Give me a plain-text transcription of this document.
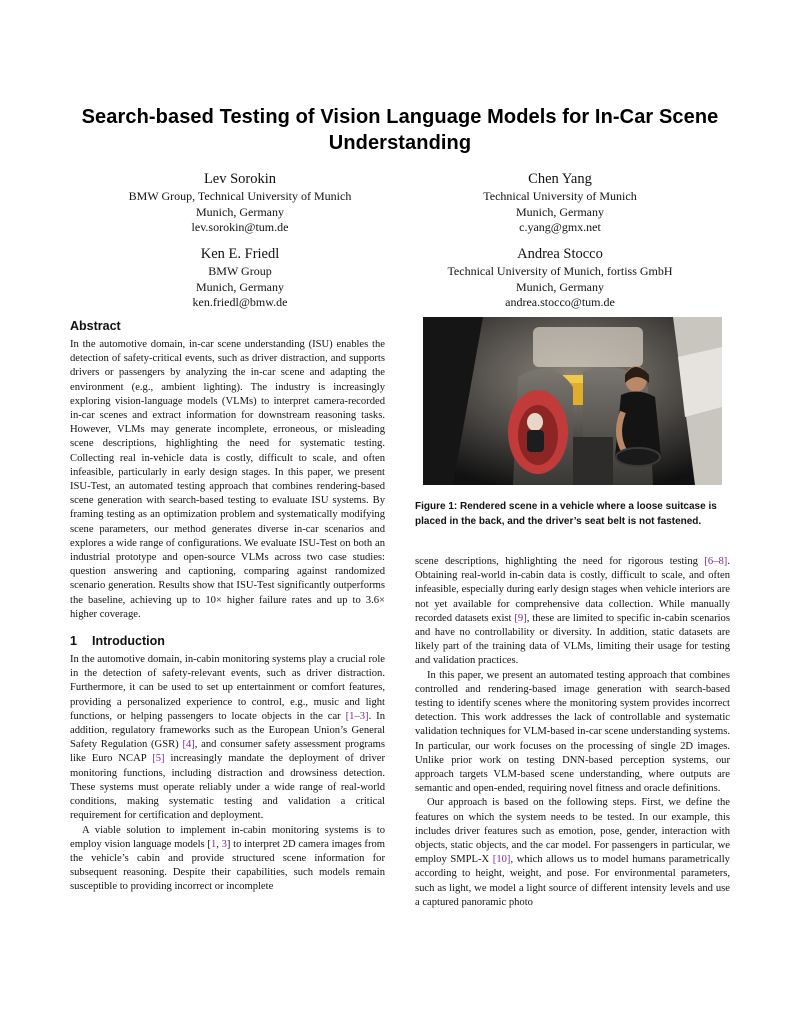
Search-based Testing of Vision Language Models for In-Car Scene Understanding
Lev Sorokin
BMW Group, Technical University of Munich
Munich, Germany
lev.sorokin@tum.de
Chen Yang
Technical University of Munich
Munich, Germany
c.yang@gmx.net
Ken E. Friedl
BMW Group
Munich, Germany
ken.friedl@bmw.de
Andrea Stocco
Technical University of Munich, fortiss GmbH
Munich, Germany
andrea.stocco@tum.de
Abstract

In the automotive domain, in-car scene understanding (ISU) enables the detection of safety-critical events, such as driver distraction, and supports drivers or passengers by analyzing the in-car scene and adapting the environment (e.g., ambient lighting). The industry is increasingly exploring vision-language models (VLMs) to interpret camera-recorded in-car scenes and extract information for downstream reasoning tasks. However, VLMs may generate incomplete, erroneous, or misleading scene descriptions, highlighting the need for systematic testing. Collecting real in-vehicle data is costly, difficult to scale, and often infeasible, particularly in early design stages. In this paper, we present ISU-Test, an automated testing approach that combines rendering-based scene generation with search-based testing to evaluate ISU systems. By framing testing as an optimization problem and systematically modifying scene parameters, our method generates diverse in-car scenarios and explores a wide range of configurations. We evaluate ISU-Test on both an industrial prototype and open-source VLMs across two case studies: question answering and captioning, comparing against randomized scenario generation. Results show that ISU-Test significantly outperforms the baseline, achieving up to 10× higher failure rates and up to 3.6× higher coverage.

1 Introduction

In the automotive domain, in-cabin monitoring systems play a crucial role in the detection of safety-relevant events, such as driver distraction. Furthermore, it can be used to set up entertainment or comfort features, providing a personalized experience to control, e.g., music and light functions, or helping passengers to locate objects in the car [1–3]. In addition, regulatory frameworks such as the European Union’s General Safety Regulation (GSR) [4], and consumer safety assessment programs like Euro NCAP [5] increasingly mandate the deployment of driver monitoring functions, including distraction and drowsiness detection. These systems must operate reliably under a wide range of real-world conditions, making systematic testing and validation a critical requirement for certification and deployment.

A viable solution to implement in-cabin monitoring systems is to employ vision language models [1, 3] to interpret 2D camera images from the vehicle’s cabin and provide structured scene information for subsequent reasoning. Despite their capabilities, such models remain susceptible to providing incorrect or incomplete

Figure 1: Rendered scene in a vehicle where a loose suitcase is placed in the back, and the driver’s seat belt is not fastened.

scene descriptions, highlighting the need for rigorous testing [6–8]. Obtaining real-world in-cabin data is costly, difficult to scale, and often infeasible, especially during early design stages when vehicle interiors are not yet available for comprehensive data collection. While manually recorded datasets exist [9], these are limited to specific in-cabin scenarios and have no controllability or diversity. In addition, static datasets are likely part of the training data of VLMs, limiting their usage for testing and validation practices.

In this paper, we present an automated testing approach that combines controlled and rendering-based image generation with search-based testing to identify scenes where the monitoring system provides incorrect detection. This work addresses the lack of controllable and systematic validation techniques for VLM-based in-car scene understanding systems. In particular, our work focuses on the processing of single 2D images. Unlike prior work on testing DNN-based perception systems, our approach targets VLM-based scene understanding, where outputs are semantic and open-ended, requiring novel fitness and oracle definitions.

Our approach is based on the following steps. First, we define the features on which the system needs to be tested. In our example, this includes driver features such as emotion, pose, gender, interaction with objects, static objects, and the car model. For passengers in particular, we employ SMPL-X [10], which allows us to model humans parametrically according to height, weight, and pose. For environmental parameters, such as light, we model a light source of different intensity levels and use a captured panoramic photo
